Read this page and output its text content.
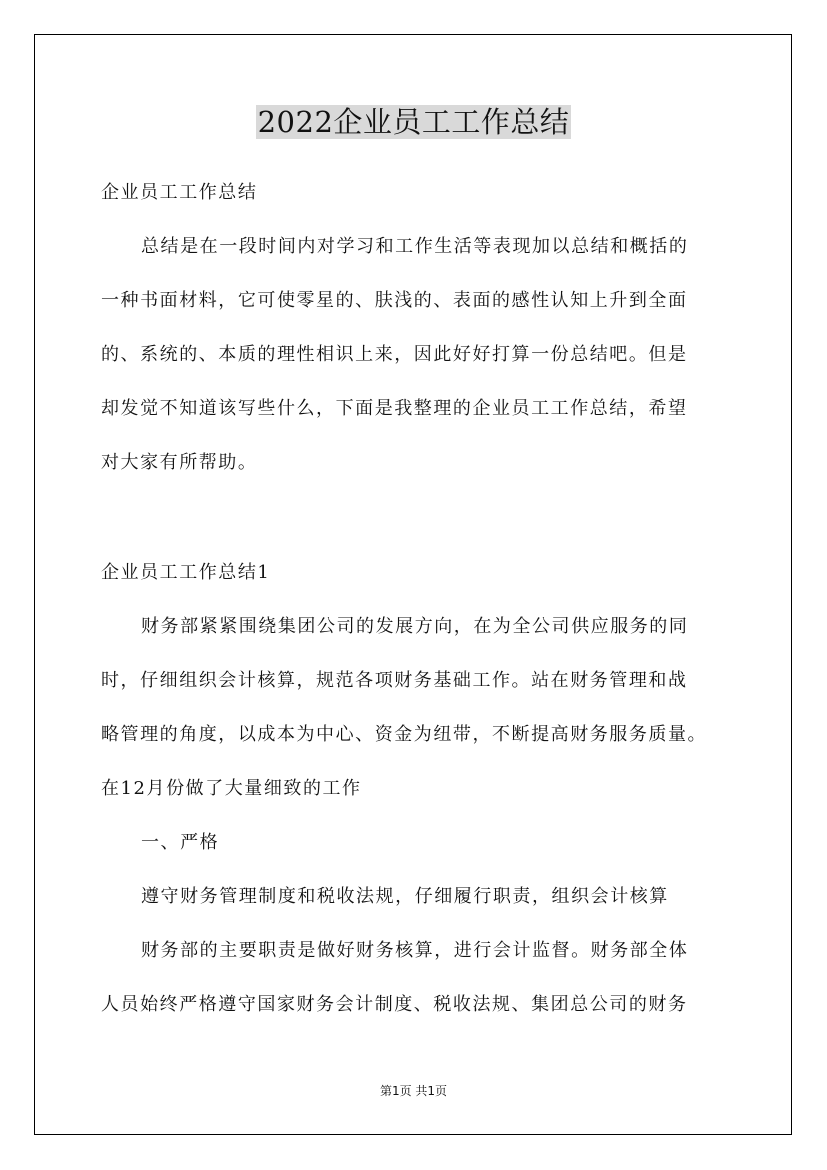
2022企业员工工作总结
企业员工工作总结
总结是在一段时间内对学习和工作生活等表现加以总结和概括的
一种书面材料，它可使零星的、肤浅的、表面的感性认知上升到全面
的、系统的、本质的理性相识上来，因此好好打算一份总结吧。但是
却发觉不知道该写些什么，下面是我整理的企业员工工作总结，希望
对大家有所帮助。
企业员工工作总结1
财务部紧紧围绕集团公司的发展方向，在为全公司供应服务的同
时，仔细组织会计核算，规范各项财务基础工作。站在财务管理和战
略管理的角度，以成本为中心、资金为纽带，不断提高财务服务质量。
在12月份做了大量细致的工作
一、严格
遵守财务管理制度和税收法规，仔细履行职责，组织会计核算
财务部的主要职责是做好财务核算，进行会计监督。财务部全体
人员始终严格遵守国家财务会计制度、税收法规、集团总公司的财务
第1页 共1页
